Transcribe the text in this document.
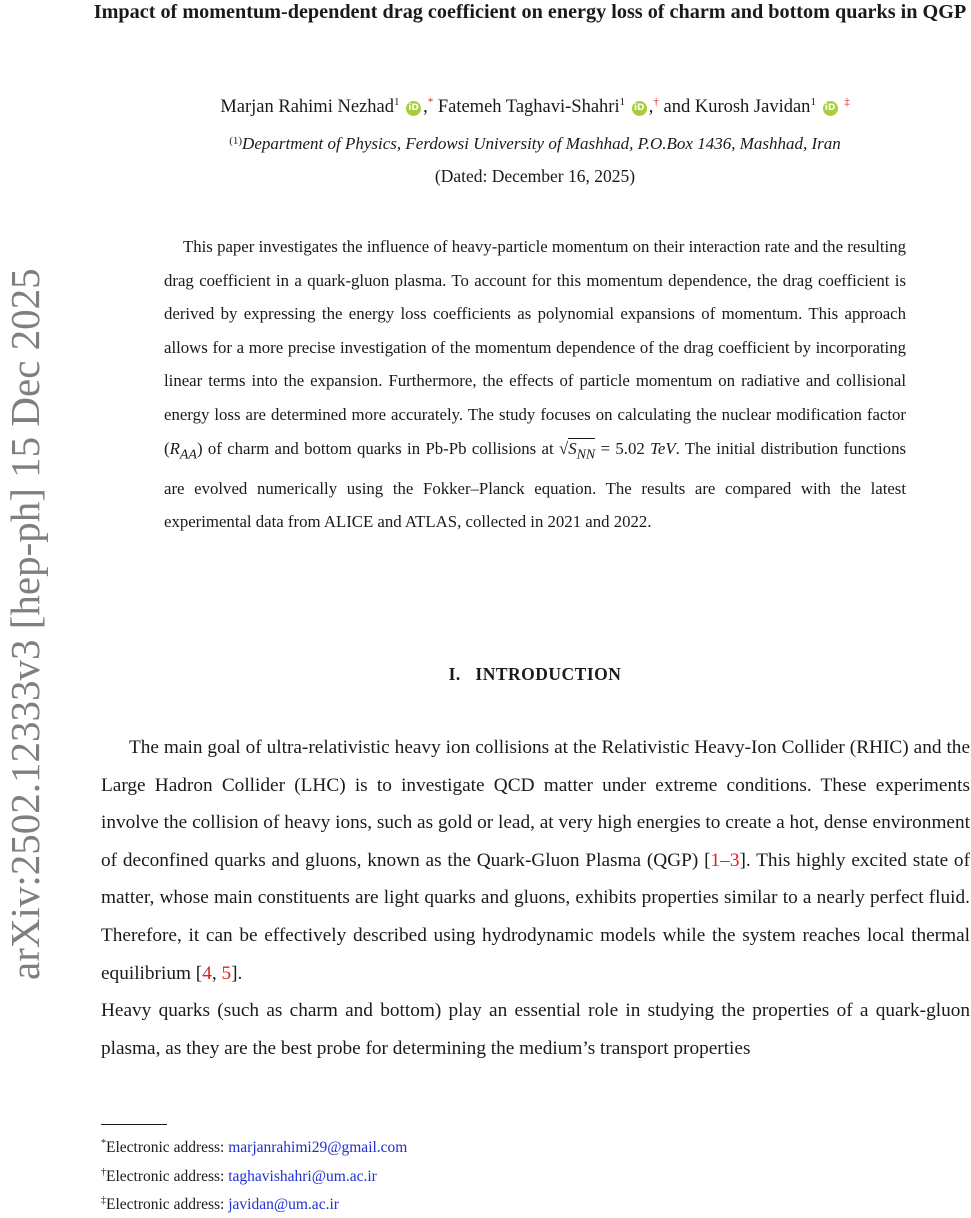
arXiv:2502.12333v3 [hep-ph] 15 Dec 2025
Impact of momentum-dependent drag coefficient on energy loss of charm and bottom quarks in QGP
Marjan Rahimi Nezhad$^1$ iD ,* Fatemeh Taghavi-Shahri$^1$ iD ,† and Kurosh Javidan$^1$ iD ‡
$^{(1)}$Department of Physics, Ferdowsi University of Mashhad, P.O.Box 1436, Mashhad, Iran
(Dated: December 16, 2025)
This paper investigates the influence of heavy-particle momentum on their interaction rate and the resulting drag coefficient in a quark-gluon plasma. To account for this momentum dependence, the drag coefficient is derived by expressing the energy loss coefficients as polynomial expansions of momentum. This approach allows for a more precise investigation of the momentum dependence of the drag coefficient by incorporating linear terms into the expansion. Furthermore, the effects of particle momentum on radiative and collisional energy loss are determined more accurately. The study focuses on calculating the nuclear modification factor $(R_{AA})$ of charm and bottom quarks in Pb-Pb collisions at $√S_{NN} = 5.02$ TeV. The initial distribution functions are evolved numerically using the Fokker–Planck equation. The results are compared with the latest experimental data from ALICE and ATLAS, collected in 2021 and 2022.
I. INTRODUCTION

The main goal of ultra-relativistic heavy ion collisions at the Relativistic Heavy-Ion Collider (RHIC) and the Large Hadron Collider (LHC) is to investigate QCD matter under extreme conditions. These experiments involve the collision of heavy ions, such as gold or lead, at very high energies to create a hot, dense environment of deconfined quarks and gluons, known as the Quark-Gluon Plasma (QGP) [1–3]. This highly excited state of matter, whose main constituents are light quarks and gluons, exhibits properties similar to a nearly perfect fluid. Therefore, it can be effectively described using hydrodynamic models while the system reaches local thermal equilibrium [4, 5].

Heavy quarks (such as charm and bottom) play an essential role in studying the properties of a quark-gluon plasma, as they are the best probe for determining the medium’s transport properties

*Electronic address: marjanrahimi29@gmail.com
†Electronic address: taghavishahri@um.ac.ir
‡Electronic address: javidan@um.ac.ir
